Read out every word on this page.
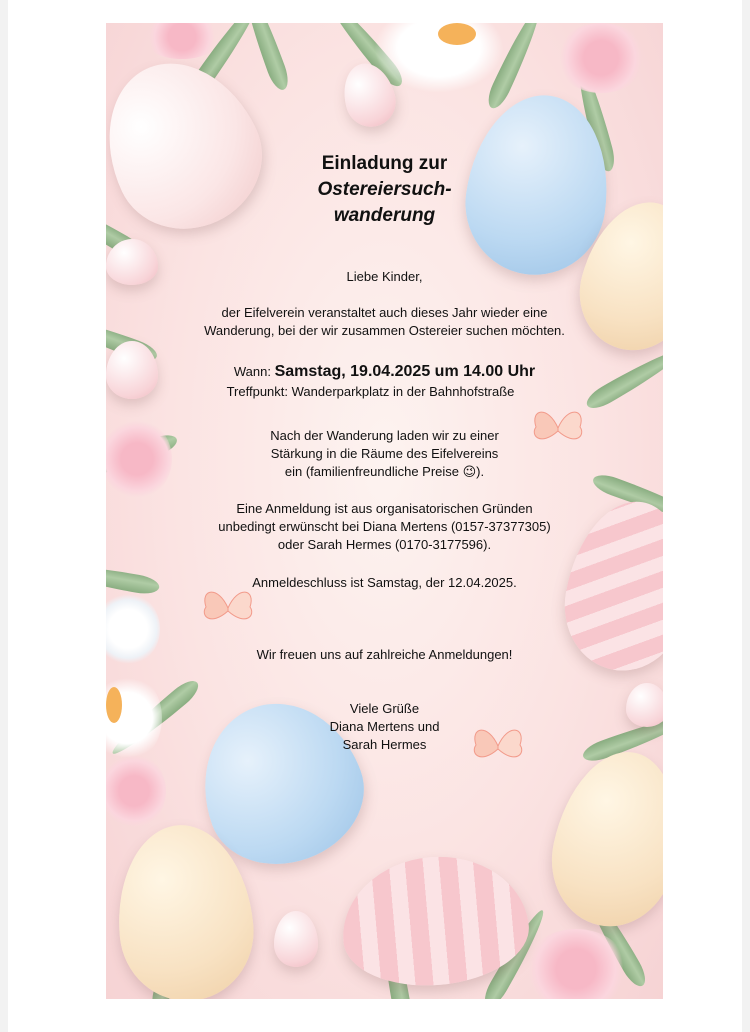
Einladung zur
Ostereiersuch-
wanderung
Liebe Kinder,
der Eifelverein veranstaltet auch dieses Jahr wieder eine
Wanderung, bei der wir zusammen Ostereier suchen möchten.
Wann: Samstag, 19.04.2025 um 14.00 Uhr
Treffpunkt: Wanderparkplatz in der Bahnhofstraße
Nach der Wanderung laden wir zu einer
Stärkung in die Räume des Eifelvereins
ein (familienfreundliche Preise 😉).
Eine Anmeldung ist aus organisatorischen Gründen
unbedingt erwünscht bei Diana Mertens (0157-37377305)
oder Sarah Hermes (0170-3177596).
Anmeldeschluss ist Samstag, der 12.04.2025.
Wir freuen uns auf zahlreiche Anmeldungen!
Viele Grüße
Diana Mertens und
Sarah Hermes
